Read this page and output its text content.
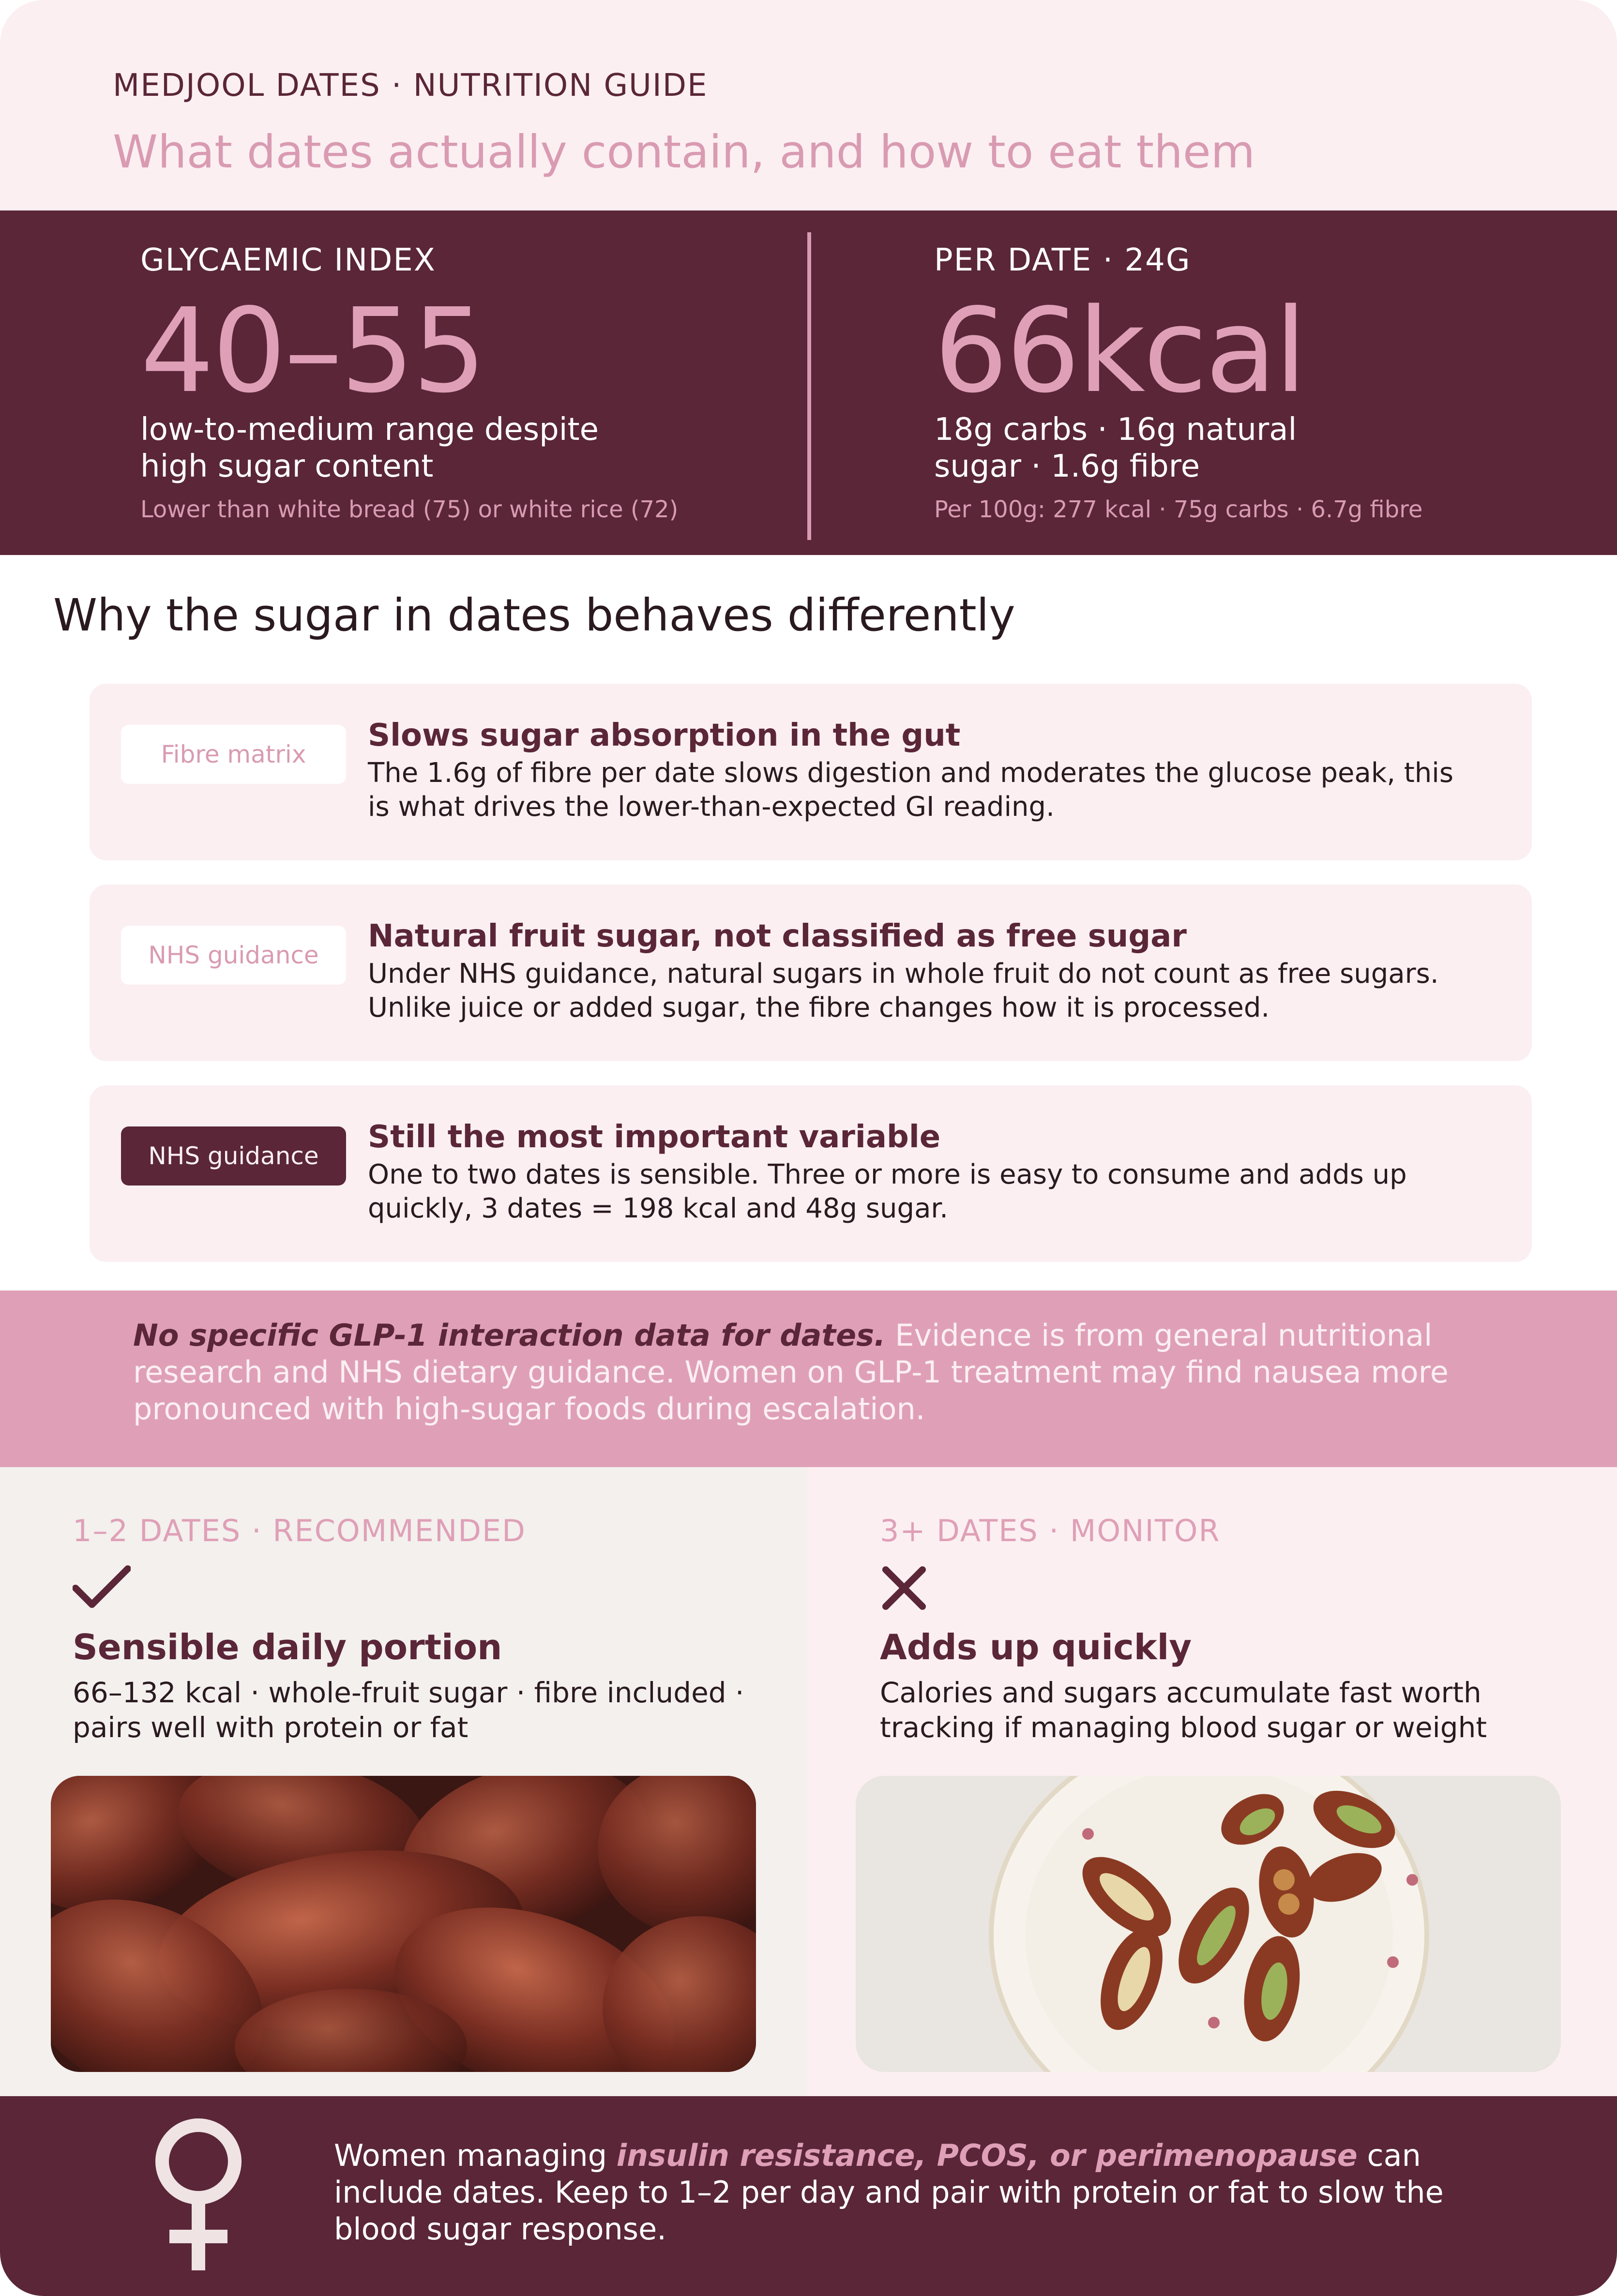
MEDJOOL DATES · NUTRITION GUIDE
What dates actually contain, and how to eat them
GLYCAEMIC INDEX
40–55
low-to-medium range despite high sugar content
Lower than white bread (75) or white rice (72)
PER DATE · 24G
66kcal
18g carbs · 16g natural sugar · 1.6g fibre
Per 100g: 277 kcal · 75g carbs · 6.7g fibre
Why the sugar in dates behaves differently
Fibre matrix
Slows sugar absorption in the gut
The 1.6g of fibre per date slows digestion and moderates the glucose peak, this is what drives the lower-than-expected GI reading.
NHS guidance
Natural fruit sugar, not classified as free sugar
Under NHS guidance, natural sugars in whole fruit do not count as free sugars. Unlike juice or added sugar, the fibre changes how it is processed.
NHS guidance
Still the most important variable
One to two dates is sensible. Three or more is easy to consume and adds up quickly, 3 dates = 198 kcal and 48g sugar.

No specific GLP-1 interaction data for dates. Evidence is from general nutritional research and NHS dietary guidance. Women on GLP-1 treatment may find nausea more pronounced with high-sugar foods during escalation.

1–2 DATES · RECOMMENDED
Sensible daily portion
66–132 kcal · whole-fruit sugar · fibre included · pairs well with protein or fat
3+ DATES · MONITOR
Adds up quickly
Calories and sugars accumulate fast worth tracking if managing blood sugar or weight

Women managing insulin resistance, PCOS, or perimenopause can include dates. Keep to 1–2 per day and pair with protein or fat to slow the blood sugar response.
